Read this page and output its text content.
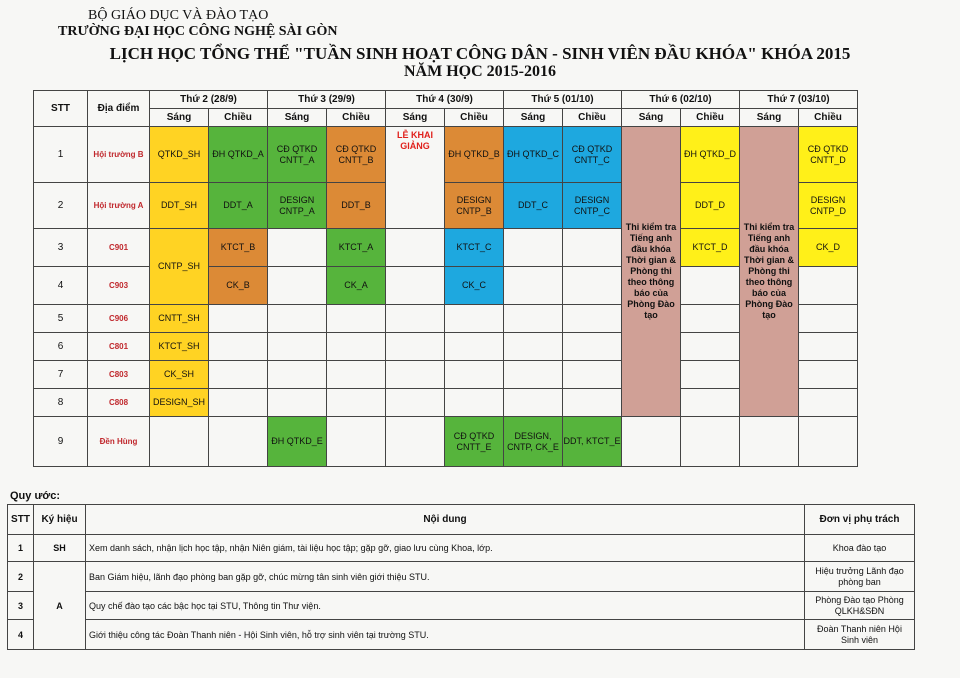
BỘ GIÁO DỤC VÀ ĐÀO TẠO
TRƯỜNG ĐẠI HỌC CÔNG NGHỆ SÀI GÒN
LỊCH HỌC TỔNG THỂ "TUẦN SINH HOẠT CÔNG DÂN - SINH VIÊN ĐẦU KHÓA" KHÓA 2015
NĂM HỌC 2015-2016
STT	Địa điểm	Thứ 2 (28/9)		Thứ 3 (29/9)		Thứ 4 (30/9)		Thứ 5 (01/10)		Thứ 6 (02/10)		Thứ 7 (03/10)	
		Sáng	Chiều	Sáng	Chiều	Sáng	Chiều	Sáng	Chiều	Sáng	Chiều	Sáng	Chiều
1	Hội trường B	QTKD_SH	ĐH QTKD_A	CĐ QTKD CNTT_A	CĐ QTKD CNTT_B	LỄ KHAI GIẢNG	ĐH QTKD_B	ĐH QTKD_C	CĐ QTKD CNTT_C	Thi kiểm tra Tiếng anh đầu khóa Thời gian & Phòng thi theo thông báo của Phòng Đào tạo	ĐH QTKD_D	Thi kiểm tra Tiếng anh đầu khóa Thời gian & Phòng thi theo thông báo của Phòng Đào tạo	CĐ QTKD CNTT_D
2	Hội trường A	DDT_SH	DDT_A	DESIGN CNTP_A	DDT_B		DESIGN CNTP_B	DDT_C	DESIGN CNTP_C		DDT_D		DESIGN CNTP_D
3	C901	CNTP_SH	KTCT_B		KTCT_A		KTCT_C				KTCT_D		CK_D
4	C903		CK_B		CK_A		CK_C						
5	C906	CNTT_SH											
6	C801	KTCT_SH											
7	C803	CK_SH											
8	C808	DESIGN_SH											
9	Đền Hùng			ĐH QTKD_E			CĐ QTKD CNTT_E	DESIGN, CNTP, CK_E	DDT, KTCT_E				
Quy ước:
STT	Ký hiệu	Nội dung	Đơn vị phụ trách
1	SH	Xem danh sách, nhận lịch học tập, nhận Niên giám, tài liệu học tập; gặp gỡ, giao lưu cùng Khoa, lớp.	Khoa đào tạo
2	A	Ban Giám hiệu, lãnh đạo phòng ban gặp gỡ, chúc mừng tân sinh viên giới thiệu STU.	Hiệu trưởng Lãnh đạo phòng ban
3		Quy chế đào tạo các bậc học tại STU, Thông tin Thư viện.	Phòng Đào tạo Phòng QLKH&SĐN
4		Giới thiệu công tác Đoàn Thanh niên - Hội Sinh viên, hỗ trợ sinh viên tại trường STU.	Đoàn Thanh niên Hội Sinh viên
